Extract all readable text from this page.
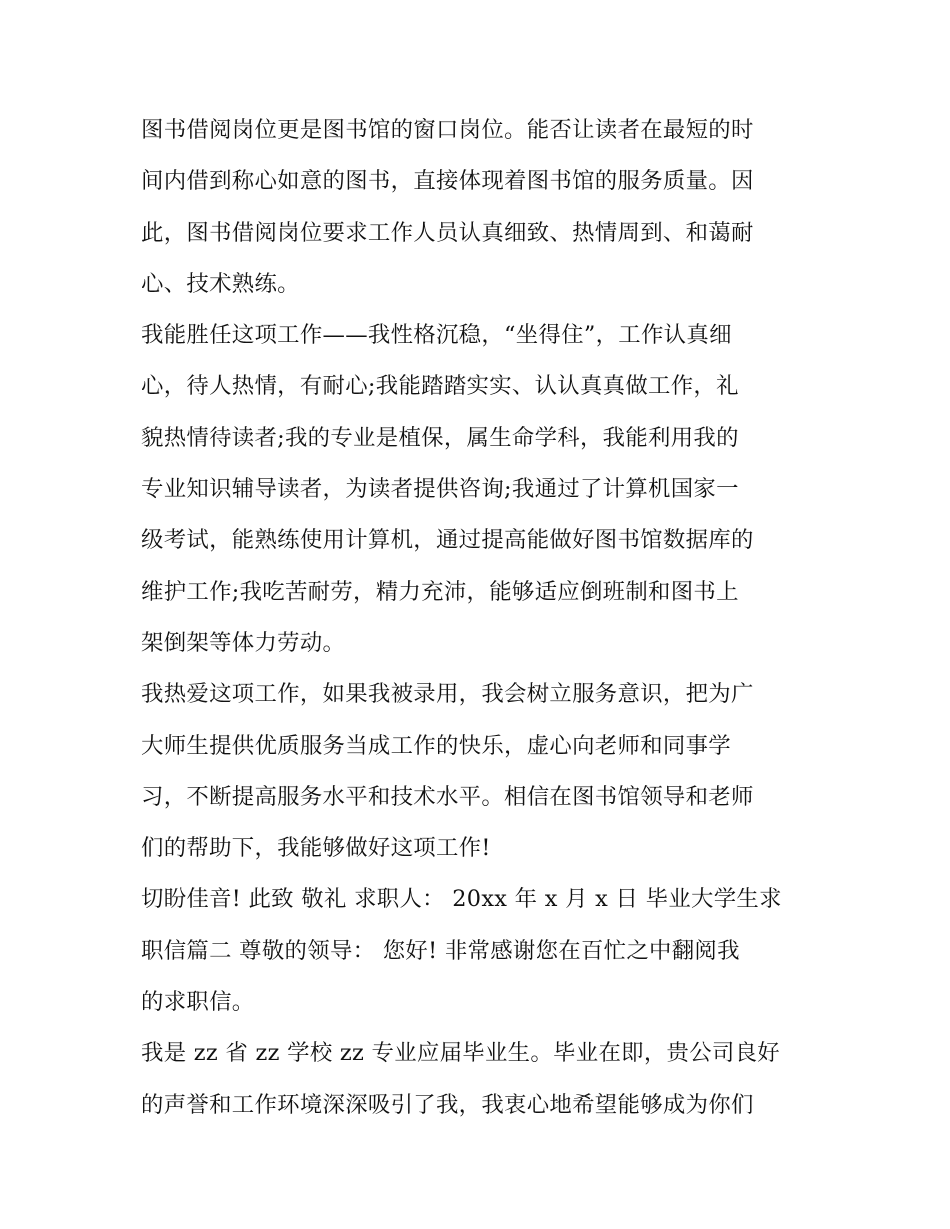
图书借阅岗位更是图书馆的窗口岗位。能否让读者在最短的时
间内借到称心如意的图书，直接体现着图书馆的服务质量。因
此，图书借阅岗位要求工作人员认真细致、热情周到、和蔼耐
心、技术熟练。
我能胜任这项工作——我性格沉稳，“坐得住”，工作认真细
心，待人热情，有耐心;我能踏踏实实、认认真真做工作，礼
貌热情待读者;我的专业是植保，属生命学科，我能利用我的
专业知识辅导读者，为读者提供咨询;我通过了计算机国家一
级考试，能熟练使用计算机，通过提高能做好图书馆数据库的
维护工作;我吃苦耐劳，精力充沛，能够适应倒班制和图书上
架倒架等体力劳动。
我热爱这项工作，如果我被录用，我会树立服务意识，把为广
大师生提供优质服务当成工作的快乐，虚心向老师和同事学
习，不断提高服务水平和技术水平。相信在图书馆领导和老师
们的帮助下，我能够做好这项工作!
切盼佳音! 此致 敬礼 求职人： 20xx 年 x 月 x 日 毕业大学生求
职信篇二 尊敬的领导： 您好! 非常感谢您在百忙之中翻阅我
的求职信。
我是 zz 省 zz 学校 zz 专业应届毕业生。毕业在即，贵公司良好
的声誉和工作环境深深吸引了我，我衷心地希望能够成为你们
